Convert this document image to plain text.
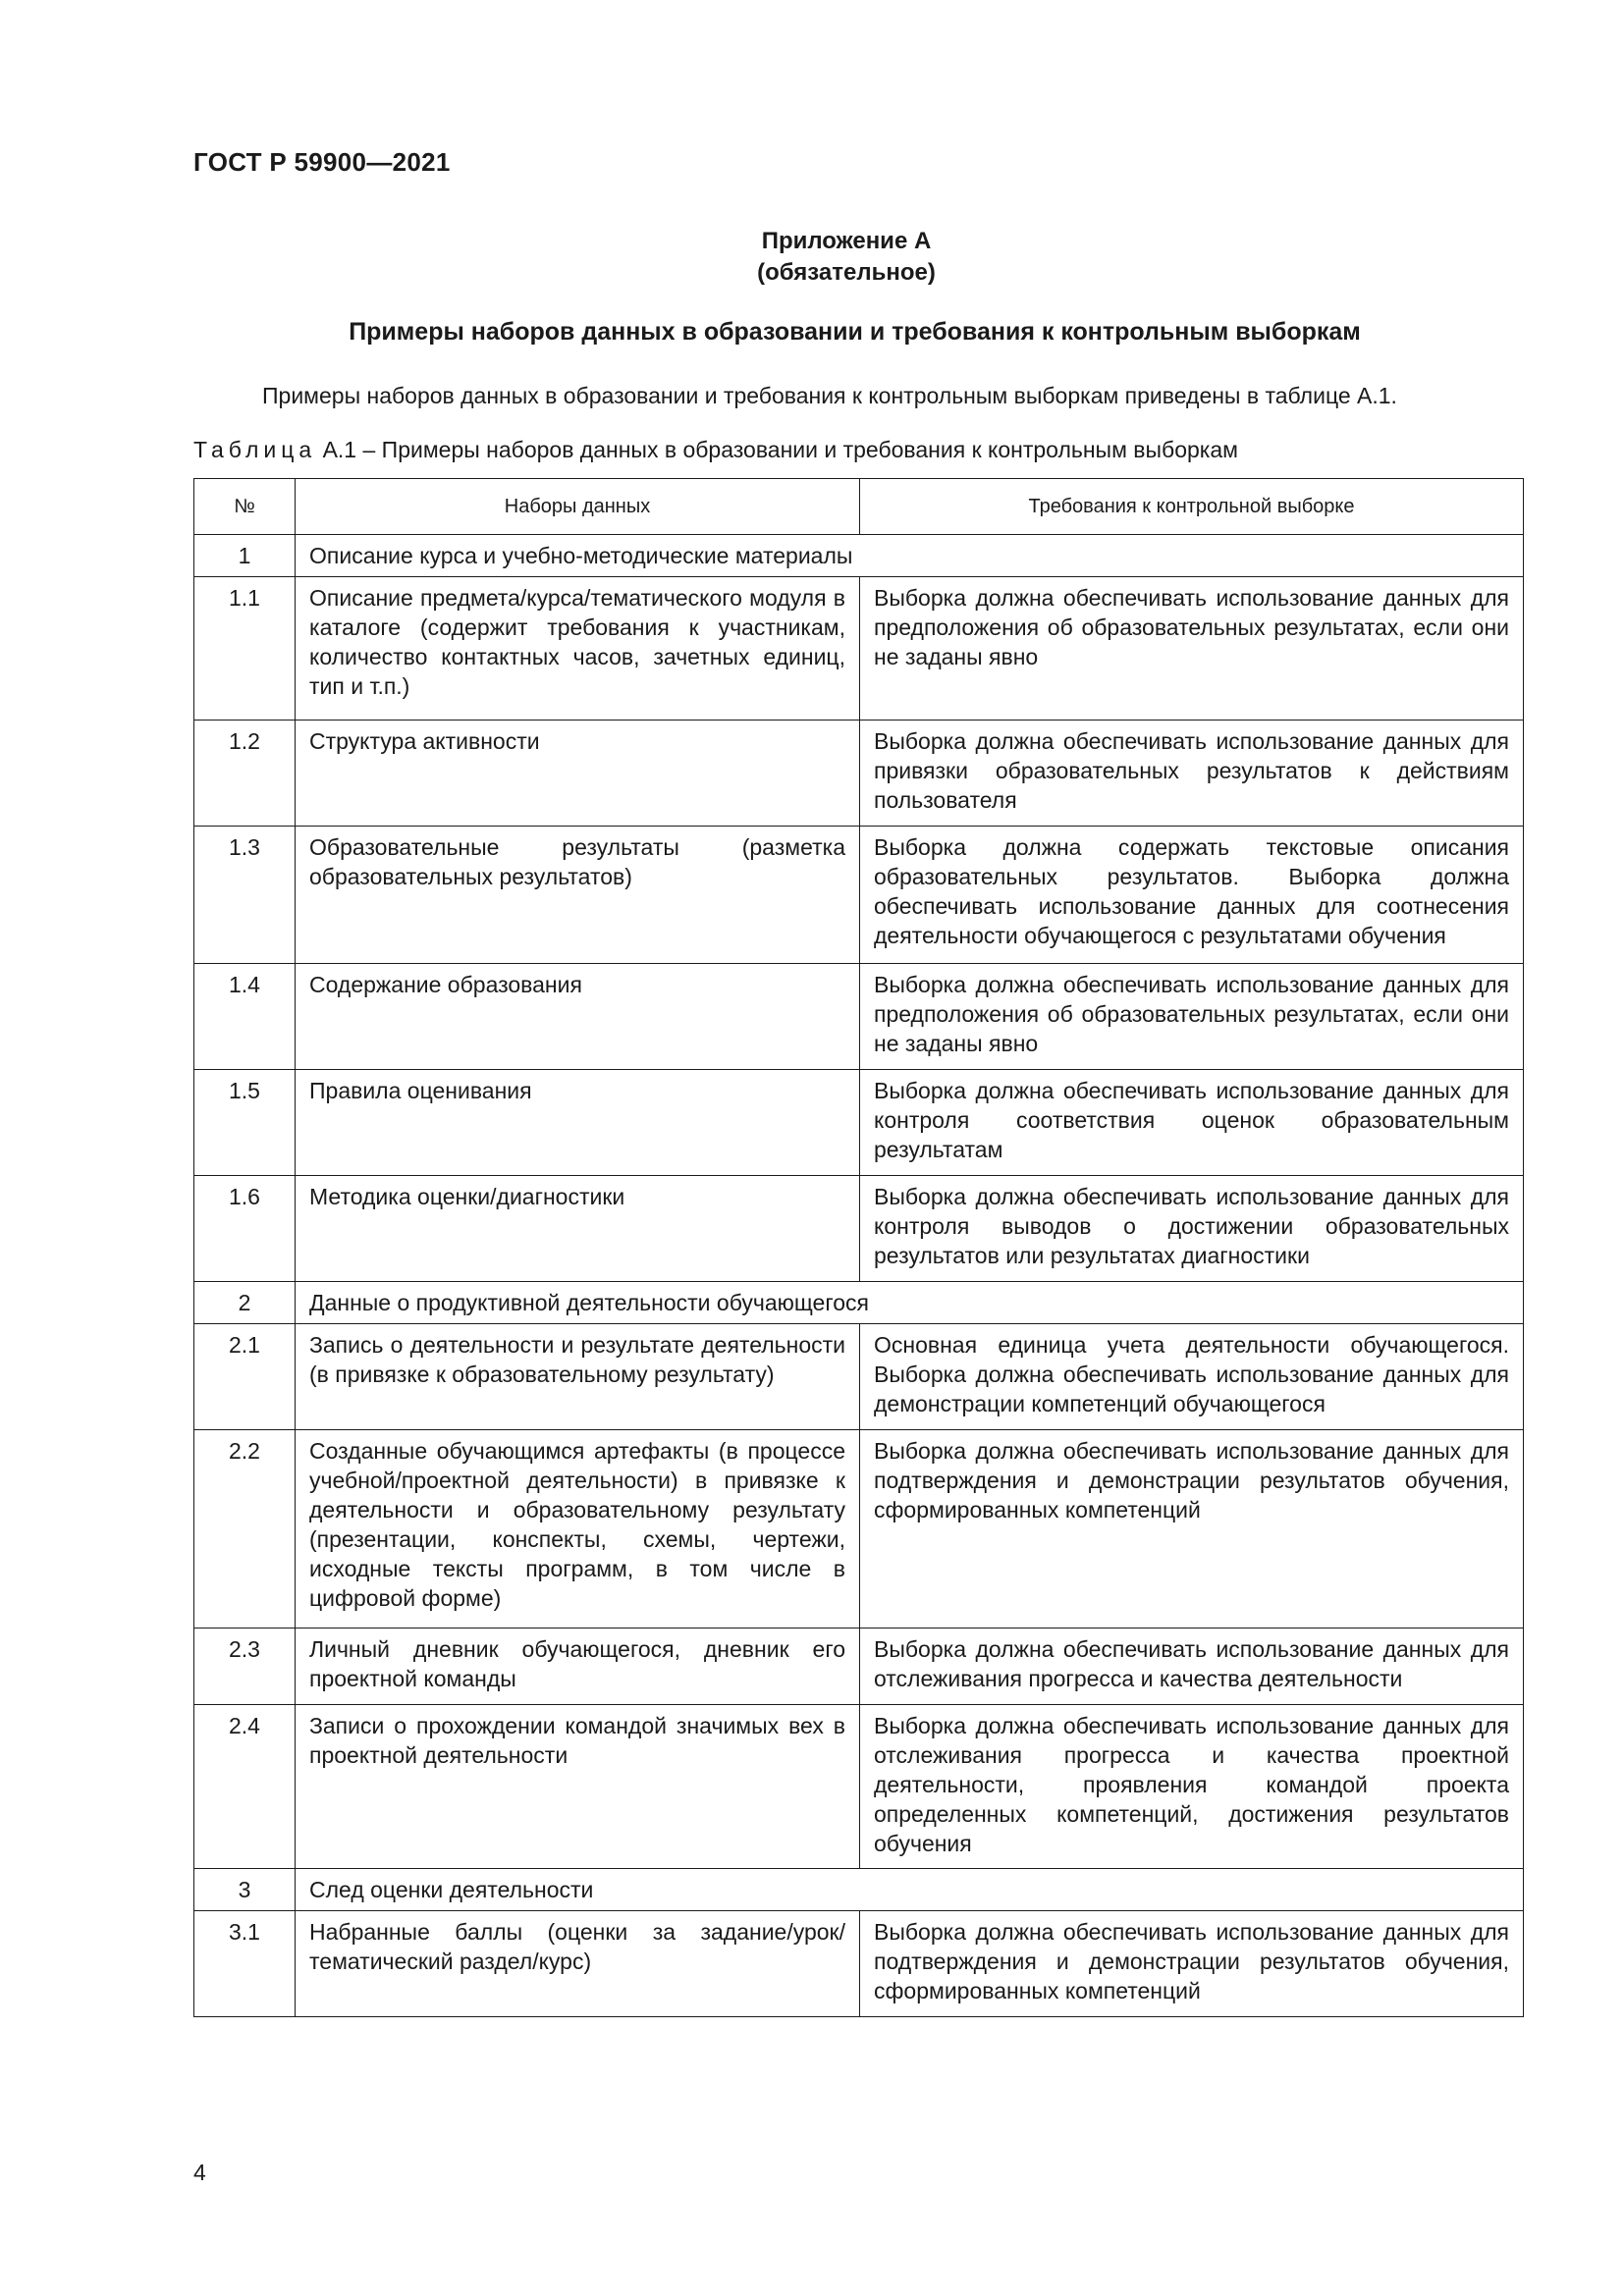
ГОСТ Р 59900—2021
Приложение А
(обязательное)
Примеры наборов данных в образовании и требования к контрольным выборкам
Примеры наборов данных в образовании и требования к контрольным выборкам приведены в таблице А.1.
Таблица А.1 – Примеры наборов данных в образовании и требования к контрольным выборкам
№	Наборы данных	Требования к контрольной выборке
1	Описание курса и учебно-методические материалы	
1.1	Описание предмета/курса/тематического модуля в каталоге (содержит требования к участникам, количество контактных часов, зачетных единиц, тип и т.п.)	Выборка должна обеспечивать использование данных для предположения об образовательных результатах, если они не заданы явно
1.2	Структура активности	Выборка должна обеспечивать использование данных для привязки образовательных результатов к действиям пользователя
1.3	Образовательные результаты (разметка образовательных результатов)	Выборка должна содержать текстовые описания образовательных результатов. Выборка должна обеспечивать использование данных для соотнесения деятельности обучающегося с результатами обучения
1.4	Содержание образования	Выборка должна обеспечивать использование данных для предположения об образовательных результатах, если они не заданы явно
1.5	Правила оценивания	Выборка должна обеспечивать использование данных для контроля соответствия оценок образовательным результатам
1.6	Методика оценки/диагностики	Выборка должна обеспечивать использование данных для контроля выводов о достижении образовательных результатов или результатах диагностики
2	Данные о продуктивной деятельности обучающегося	
2.1	Запись о деятельности и результате деятельности (в привязке к образовательному результату)	Основная единица учета деятельности обучающегося. Выборка должна обеспечивать использование данных для демонстрации компетенций обучающегося
2.2	Созданные обучающимся артефакты (в процессе учебной/проектной деятельности) в привязке к деятельности и образовательному результату (презентации, конспекты, схемы, чертежи, исходные тексты программ, в том числе в цифровой форме)	Выборка должна обеспечивать использование данных для подтверждения и демонстрации результатов обучения, сформированных компетенций
2.3	Личный дневник обучающегося, дневник его проектной команды	Выборка должна обеспечивать использование данных для отслеживания прогресса и качества деятельности
2.4	Записи о прохождении командой значимых вех в проектной деятельности	Выборка должна обеспечивать использование данных для отслеживания прогресса и качества проектной деятельности, проявления командой проекта определенных компетенций, достижения результатов обучения
3	След оценки деятельности	
3.1	Набранные баллы (оценки за задание/урок/тематический раздел/курс)	Выборка должна обеспечивать использование данных для подтверждения и демонстрации результатов обучения, сформированных компетенций
4
